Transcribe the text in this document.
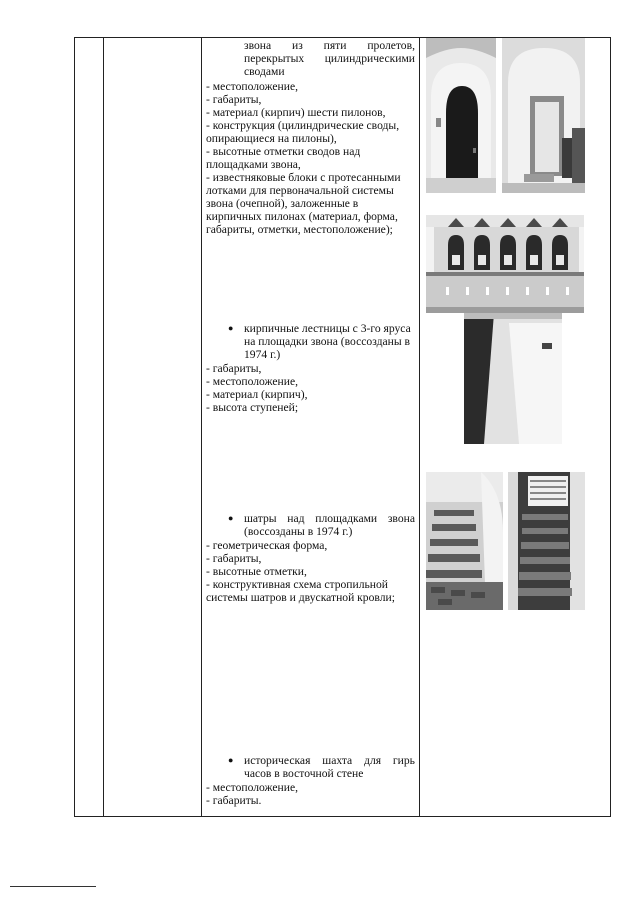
звона из пяти пролетов,
перекрытых цилиндрическими
сводами
- местоположение,
- габариты,
- материал (кирпич) шести пилонов,
- конструкция (цилиндрические своды,
опирающиеся на пилоны),
- высотные отметки сводов над
площадками звона,
- известняковые блоки с протесанными
лотками для первоначальной системы
звона (очепной), заложенные в
кирпичных пилонах (материал, форма,
габариты, отметки, местоположение);
● кирпичные лестницы с 3-го яруса
на площадки звона (воссозданы в
1974 г.)
- габариты,
- местоположение,
- материал (кирпич),
- высота ступеней;
● шатры над площадками звона
(воссозданы в 1974 г.)
- геометрическая форма,
- габариты,
- высотные отметки,
- конструктивная схема стропильной
системы шатров и двускатной кровли;
● историческая шахта для гирь
часов в восточной стене
- местоположение,
- габариты.
